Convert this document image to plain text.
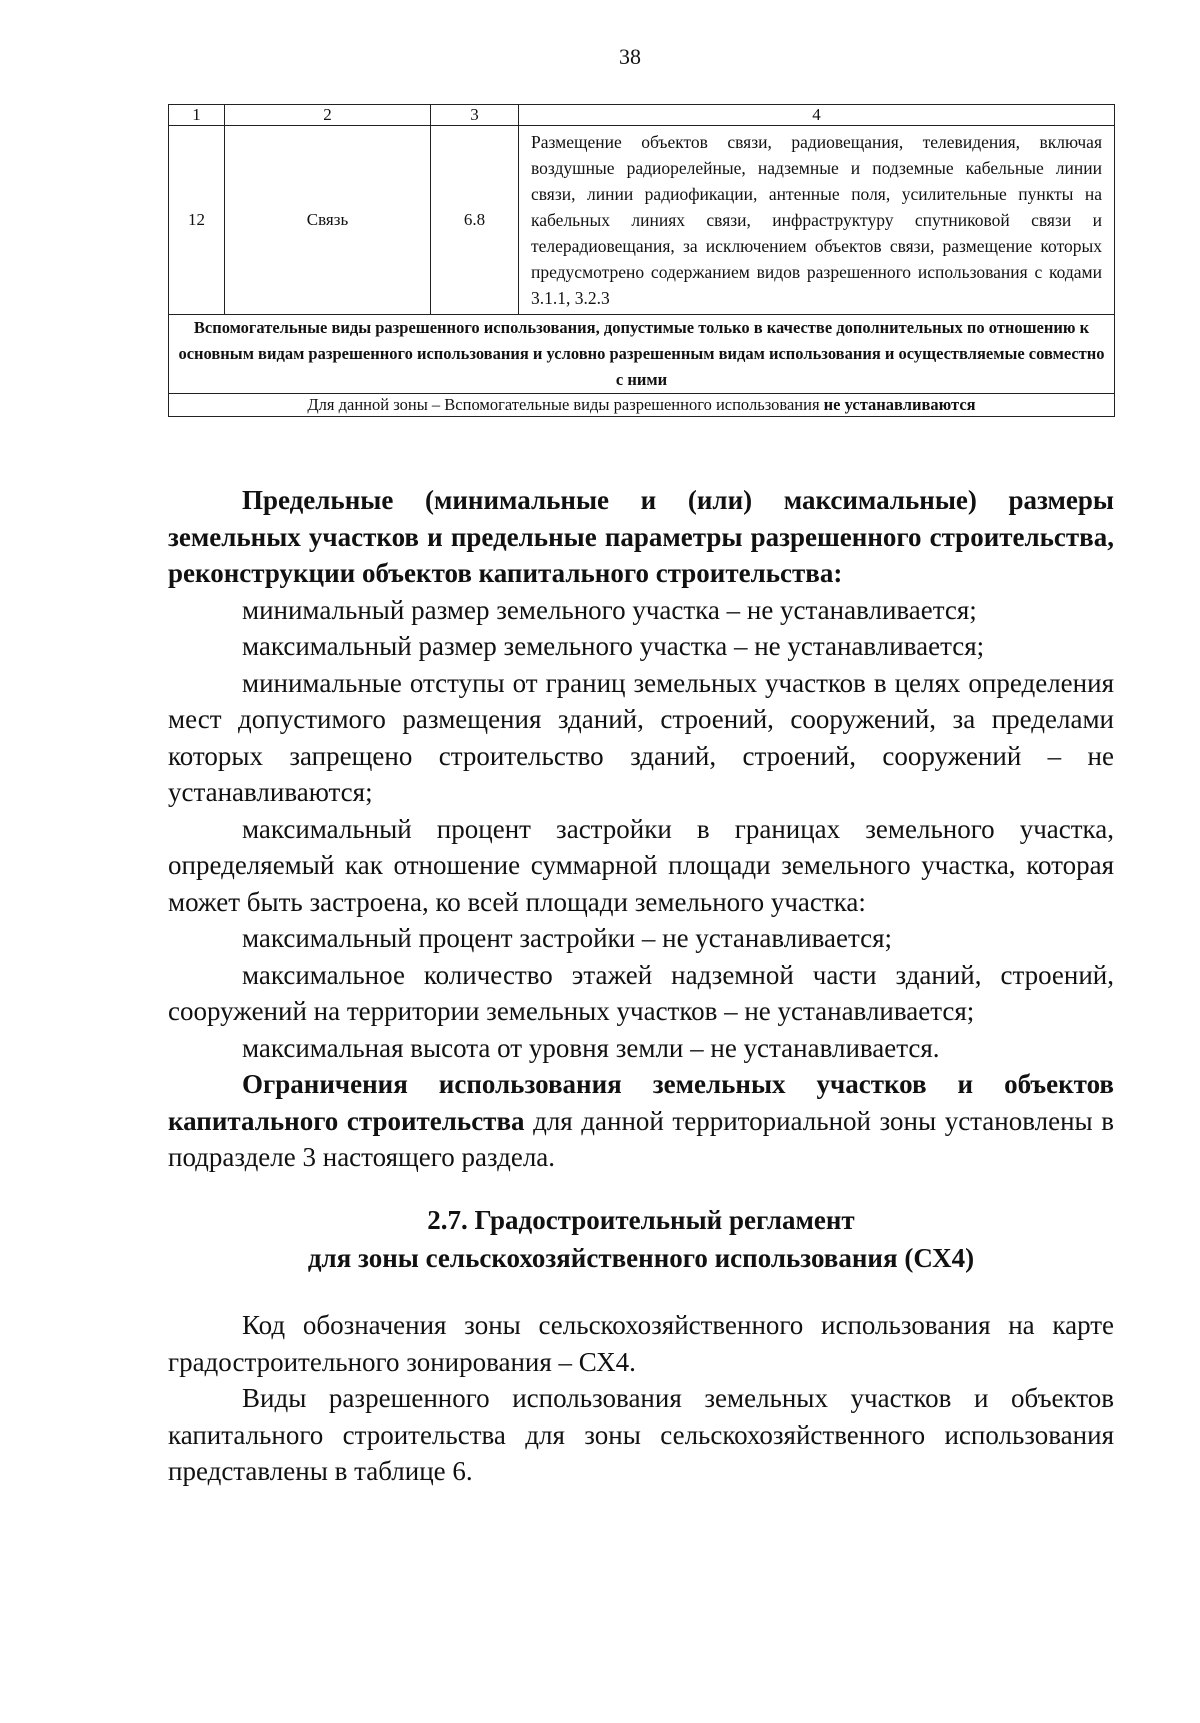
38
1	2	3	4
12	Связь	6.8	Размещение объектов связи, радиовещания, телевидения, включая воздушные радиорелейные, надземные и подземные кабельные линии связи, линии радиофикации, антенные поля, усилительные пункты на кабельных линиях связи, инфраструктуру спутниковой связи и телерадиовещания, за исключением объектов связи, размещение которых предусмотрено содержанием видов разрешенного использования с кодами 3.1.1, 3.2.3
Вспомогательные виды разрешенного использования, допустимые только в качестве дополнительных по отношению к основным видам разрешенного использования и условно разрешенным видам использования и осуществляемые совместно с ними			
Для данной зоны – Вспомогательные виды разрешенного использования не устанавливаются			

Предельные (минимальные и (или) максимальные) размеры земельных участков и предельные параметры разрешенного строительства, реконструкции объектов капитального строительства:

минимальный размер земельного участка – не устанавливается;

максимальный размер земельного участка – не устанавливается;

минимальные отступы от границ земельных участков в целях определения мест допустимого размещения зданий, строений, сооружений, за пределами которых запрещено строительство зданий, строений, сооружений – не устанавливаются;

максимальный процент застройки в границах земельного участка, определяемый как отношение суммарной площади земельного участка, которая может быть застроена, ко всей площади земельного участка:

максимальный процент застройки – не устанавливается;

максимальное количество этажей надземной части зданий, строений, сооружений на территории земельных участков – не устанавливается;

максимальная высота от уровня земли – не устанавливается.

Ограничения использования земельных участков и объектов капитального строительства для данной территориальной зоны установлены в подразделе 3 настоящего раздела.

2.7. Градостроительный регламент
для зоны сельскохозяйственного использования (СХ4)

Код обозначения зоны сельскохозяйственного использования на карте градостроительного зонирования – СХ4.

Виды разрешенного использования земельных участков и объектов капитального строительства для зоны сельскохозяйственного использования представлены в таблице 6.
